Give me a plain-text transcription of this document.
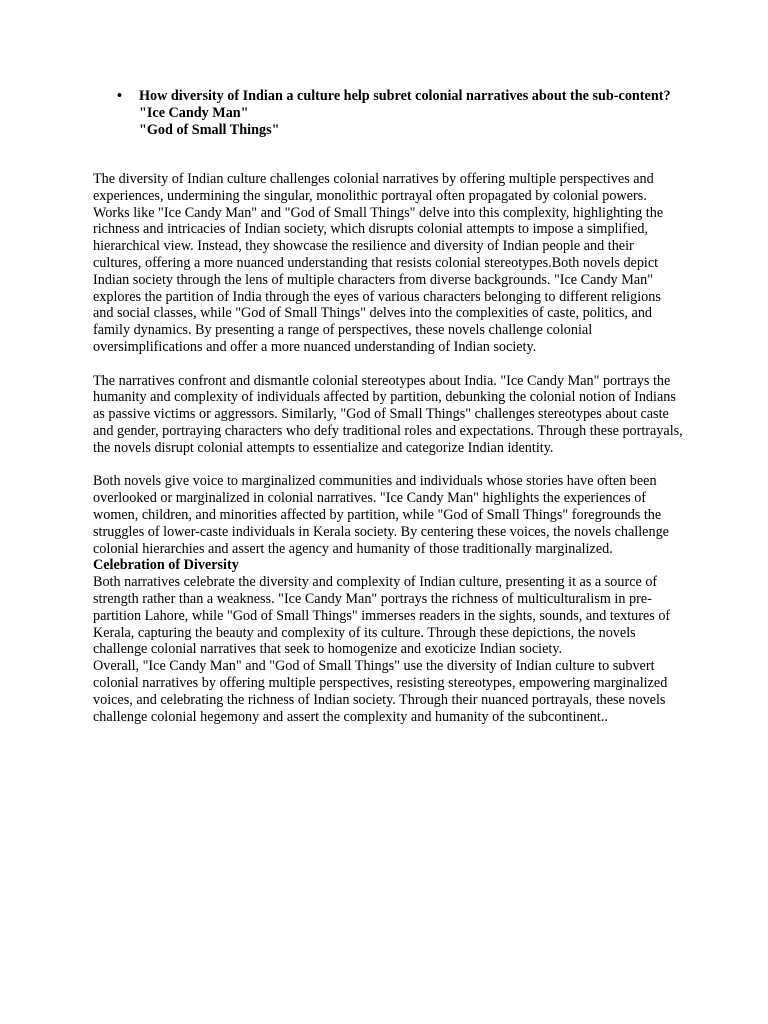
•	How diversity of Indian a culture help subret colonial narratives about the sub-content?
"Ice Candy Man"
"God of Small Things"

The diversity of Indian culture challenges colonial narratives by offering multiple perspectives and experiences, undermining the singular, monolithic portrayal often propagated by colonial powers. Works like "Ice Candy Man" and "God of Small Things" delve into this complexity, highlighting the richness and intricacies of Indian society, which disrupts colonial attempts to impose a simplified, hierarchical view. Instead, they showcase the resilience and diversity of Indian people and their cultures, offering a more nuanced understanding that resists colonial stereotypes.Both novels depict Indian society through the lens of multiple characters from diverse backgrounds. "Ice Candy Man" explores the partition of India through the eyes of various characters belonging to different religions and social classes, while "God of Small Things" delves into the complexities of caste, politics, and family dynamics. By presenting a range of perspectives, these novels challenge colonial oversimplifications and offer a more nuanced understanding of Indian society.

The narratives confront and dismantle colonial stereotypes about India. "Ice Candy Man" portrays the humanity and complexity of individuals affected by partition, debunking the colonial notion of Indians as passive victims or aggressors. Similarly, "God of Small Things" challenges stereotypes about caste and gender, portraying characters who defy traditional roles and expectations. Through these portrayals, the novels disrupt colonial attempts to essentialize and categorize Indian identity.

Both novels give voice to marginalized communities and individuals whose stories have often been overlooked or marginalized in colonial narratives. "Ice Candy Man" highlights the experiences of women, children, and minorities affected by partition, while "God of Small Things" foregrounds the struggles of lower-caste individuals in Kerala society. By centering these voices, the novels challenge colonial hierarchies and assert the agency and humanity of those traditionally marginalized.

Celebration of Diversity

Both narratives celebrate the diversity and complexity of Indian culture, presenting it as a source of strength rather than a weakness. "Ice Candy Man" portrays the richness of multiculturalism in pre-partition Lahore, while "God of Small Things" immerses readers in the sights, sounds, and textures of Kerala, capturing the beauty and complexity of its culture. Through these depictions, the novels challenge colonial narratives that seek to homogenize and exoticize Indian society.

Overall, "Ice Candy Man" and "God of Small Things" use the diversity of Indian culture to subvert colonial narratives by offering multiple perspectives, resisting stereotypes, empowering marginalized voices, and celebrating the richness of Indian society. Through their nuanced portrayals, these novels challenge colonial hegemony and assert the complexity and humanity of the subcontinent..
